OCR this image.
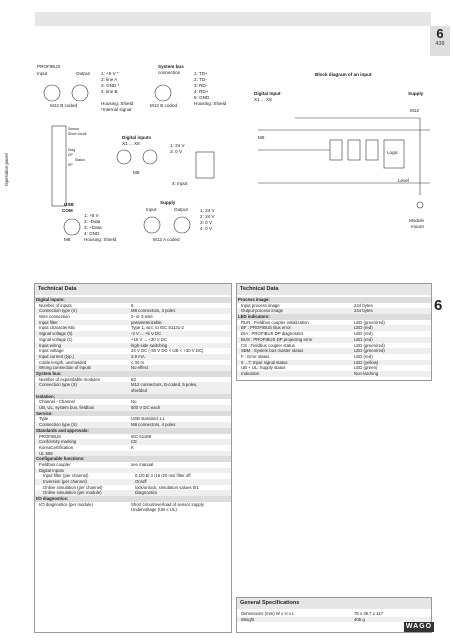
6
439
6
PROFIBUS
Input	Output 1: +5 V *
2: line A
3: GND *
4: line B
Housing: Shield
*Internal signal
M12 B coded
System bus
connection	1: TD+
2: TD-
3: RD-
4: RD+
5: GND
Housing: Shield
M12 B coded
Block diagram of an input
Digital Input
X1 ... X8
Supply
M12
M8
Logic
Level
Module
mount
Sensor
Short circuit
Diag
DP
Status
SP
Operation panel
Digital inputs
X1 ... X8	1: 24 V
3: 0 V
M8
4: Input
USB
COM
1: +5 V
2: -Data
3: +Data
4: GND
Housing: Shield
M8
Supply
Input	Output	1: 24 V
2: 24 V
3: 0 V
4: 0 V
M12 A coded
Technical Data
Digital inputs:
Number of inputs	8
Connection type (X)	M8 connectors, 3 poles
Wire connection	2- or 3-wire
Input filter	parameterizable
Input characteristic	Type 1, acc. to IEC 61131-2
Signal voltage (0)	-3 V ... +5 V DC
Signal voltage (1)	+15 V ... +30 V DC
Input wiring	high-side switching
Input voltage	24 V DC (-30 V DC < UB < +30 V DC)
Input current (typ.)	2.8 mA
Cable length, unshielded	≤ 30 m
Wrong connection of inputs	No effect
System bus:
Number of expandable modules	63
Connection type (S)	M12 connectors, B-coded, 5 poles,
shielded
Isolation:
Channel - Channel	No
UB, UL, system bus, fieldbus	500 V DC each
Service:
Type	USB standard 1.1
Connection type (S)	M8 connectors, 4 poles
Standards and approvals:
PROFIBUS	IEC 61158
Conformity marking	CE
KoreaCertification	K
UL 508
Configurable functions:
Fieldbus coupler	see manual
Digital Inputs
Input filter (per channel)	0.1/0.5/ 3 /15 /20 ms/ filter off
Inversion (per channel)	On/off
Online simulation (per channel)	lock/unlock, simulation values 0/1
Online simulation (per module)	Diagnostics
I/O diagnostics:
I/O diagnostics (per module)	Short circuit/overload of sensor supply
Undervoltage (UB ≤ UL)
Technical Data
Process image:
Input process image	244 bytes
Output process image	244 bytes
LED indicators:
RUN : Fieldbus coupler initialization	LED (green/red)
BF : PROFIBUS Bus error	LED (red)
DIA : PROFIBUS DP diagnostics	LED (red)
BUS : PROFIBUS DP projecting error	LED (red)
CS : Fieldbus coupler status	LED (green/red)
SBM : System bus master status	LED (green/red)
F : Error status	LED (red)
0 ...7: Input signal status	LED (yellow)
UB + UL: Supply status	LED (green)
Indication	Non-latching
General Specifications
Dimensions (mm) W x H x L	75 x 35.7 x 117
Weight	405 g
WAGO
